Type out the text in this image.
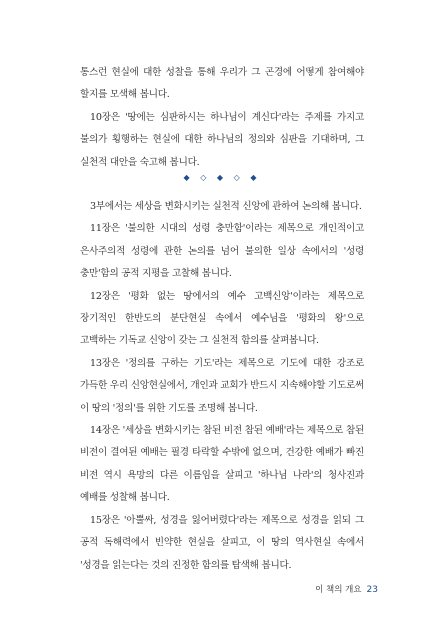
통스런 현실에 대한 성찰을 통해 우리가 그 곤경에 어떻게 참여해야 할지를 모색해 봅니다.

10장은 '땅에는 심판하시는 하나님이 계신다'라는 주제를 가지고 불의가 횡행하는 현실에 대한 하나님의 정의와 심판을 기대하며, 그 실천적 대안을 숙고해 봅니다.

◆ ◇ ◆ ◇ ◆

3부에서는 세상을 변화시키는 실천적 신앙에 관하여 논의해 봅니다.

11장은 '불의한 시대의 성령 충만함'이라는 제목으로 개인적이고 은사주의적 성령에 관한 논의를 넘어 불의한 일상 속에서의 '성령 충만'함의 공적 지평을 고찰해 봅니다.

12장은 '평화 없는 땅에서의 예수 고백신앙'이라는 제목으로 장기적인 한반도의 분단현실 속에서 예수님을 '평화의 왕'으로 고백하는 기독교 신앙이 갖는 그 실천적 함의를 살펴봅니다.

13장은 '정의를 구하는 기도'라는 제목으로 기도에 대한 강조로 가득한 우리 신앙현실에서, 개인과 교회가 반드시 지속해야할 기도로써 이 땅의 '정의'를 위한 기도를 조명해 봅니다.

14장은 '세상을 변화시키는 참된 비전 참된 예배'라는 제목으로 참된 비전이 결여된 예배는 필경 타락할 수밖에 없으며, 건강한 예배가 빠진 비전 역시 욕망의 다른 이름임을 살피고 '하나님 나라'의 청사진과 예배를 성찰해 봅니다.

15장은 '아뿔싸, 성경을 잃어버렸다'라는 제목으로 성경을 읽되 그 공적 독해력에서 빈약한 현실을 살피고, 이 땅의 역사현실 속에서 '성경을 읽는다는 것의 진정한 함의를 탐색해 봅니다.

이 책의 개요 23
